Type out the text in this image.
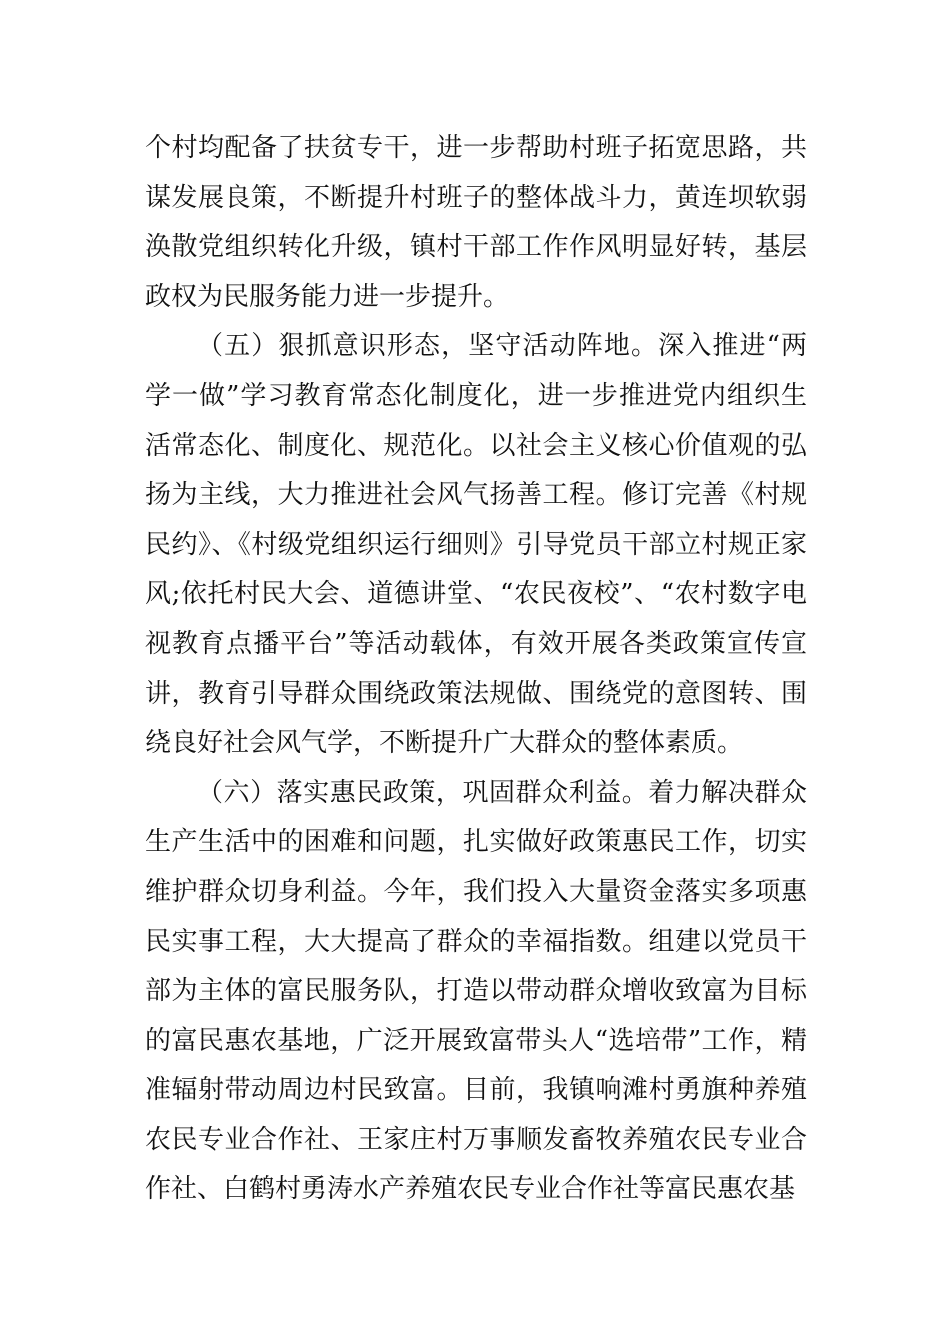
个村均配备了扶贫专干，进一步帮助村班子拓宽思路，共谋发展良策，不断提升村班子的整体战斗力，黄连坝软弱涣散党组织转化升级，镇村干部工作作风明显好转，基层政权为民服务能力进一步提升。

（五）狠抓意识形态，坚守活动阵地。深入推进“两学一做”学习教育常态化制度化，进一步推进党内组织生活常态化、制度化、规范化。以社会主义核心价值观的弘扬为主线，大力推进社会风气扬善工程。修订完善《村规民约》、《村级党组织运行细则》引导党员干部立村规正家风;依托村民大会、道德讲堂、“农民夜校”、“农村数字电视教育点播平台”等活动载体，有效开展各类政策宣传宣讲，教育引导群众围绕政策法规做、围绕党的意图转、围绕良好社会风气学，不断提升广大群众的整体素质。

（六）落实惠民政策，巩固群众利益。着力解决群众生产生活中的困难和问题，扎实做好政策惠民工作，切实维护群众切身利益。今年，我们投入大量资金落实多项惠民实事工程，大大提高了群众的幸福指数。组建以党员干部为主体的富民服务队，打造以带动群众增收致富为目标的富民惠农基地，广泛开展致富带头人“选培带”工作，精准辐射带动周边村民致富。目前，我镇响滩村勇旗种养殖农民专业合作社、王家庄村万事顺发畜牧养殖农民专业合作社、白鹤村勇涛水产养殖农民专业合作社等富民惠农基
